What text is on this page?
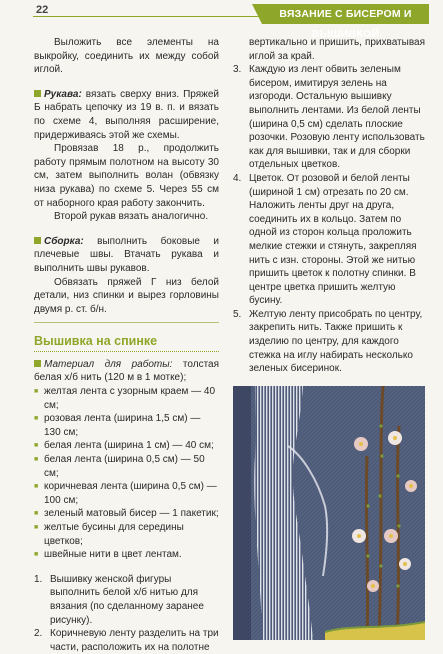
22	ВЯЗАНИЕ С БИСЕРОМ И ВЫШИВКОЙ

Выложить все элементы на выкройку, соединить их между собой иглой.

Рукава: вязать сверху вниз. Пряжей Б набрать цепочку из 19 в. п. и вязать по схеме 4, выполняя расширение, придерживаясь этой же схемы.

Провязав 18 р., продолжить работу прямым полотном на высоту 30 см, затем выполнить волан (обвязку низа рукава) по схеме 5. Через 55 см от наборного края работу закончить.

Второй рукав вязать аналогично.

Сборка: выполнить боковые и плечевые швы. Втачать рукава и выполнить швы рукавов.

Обвязать пряжей Г низ белой детали, низ спинки и вырез горловины двумя р. ст. б/н.

Вышивка на спинке

Материал для работы: толстая белая х/б нить (120 м в 1 мотке);

■ желтая лента с узорным краем — 40 см;
■ розовая лента (ширина 1,5 см) — 130 см;
■ белая лента (ширина 1 см) — 40 см;
■ белая лента (ширина 0,5 см) — 50 см;
■ коричневая лента (ширина 0,5 см) — 100 см;
■ зеленый матовый бисер — 1 пакетик;
■ желтые бусины для середины цветков;
■ швейные нити в цвет лентам.
1. Вышивку женской фигуры выполнить белой х/б нитью для вязания (по сделанному заранее рисунку).
2. Коричневую ленту разделить на три части, расположить их на полотне

вертикально и пришить, прихватывая иглой за край.

3. Каждую из лент обвить зеленым бисером, имитируя зелень на изгороди. Остальную вышивку выполнить лентами. Из белой ленты (ширина 0,5 см) сделать плоские розочки. Розовую ленту использовать как для вышивки, так и для сборки отдельных цветков.
4. Цветок. От розовой и белой ленты (шириной 1 см) отрезать по 20 см. Наложить ленты друг на друга, соединить их в кольцо. Затем по одной из сторон кольца проложить мелкие стежки и стянуть, закрепляя нить с изн. стороны. Этой же нитью пришить цветок к полотну спинки. В центре цветка пришить желтую бусину.
5. Желтую ленту присобрать по центру, закрепить нить. Также пришить к изделию по центру, для каждого стежка на иглу набирать несколько зеленых бисеринок.
